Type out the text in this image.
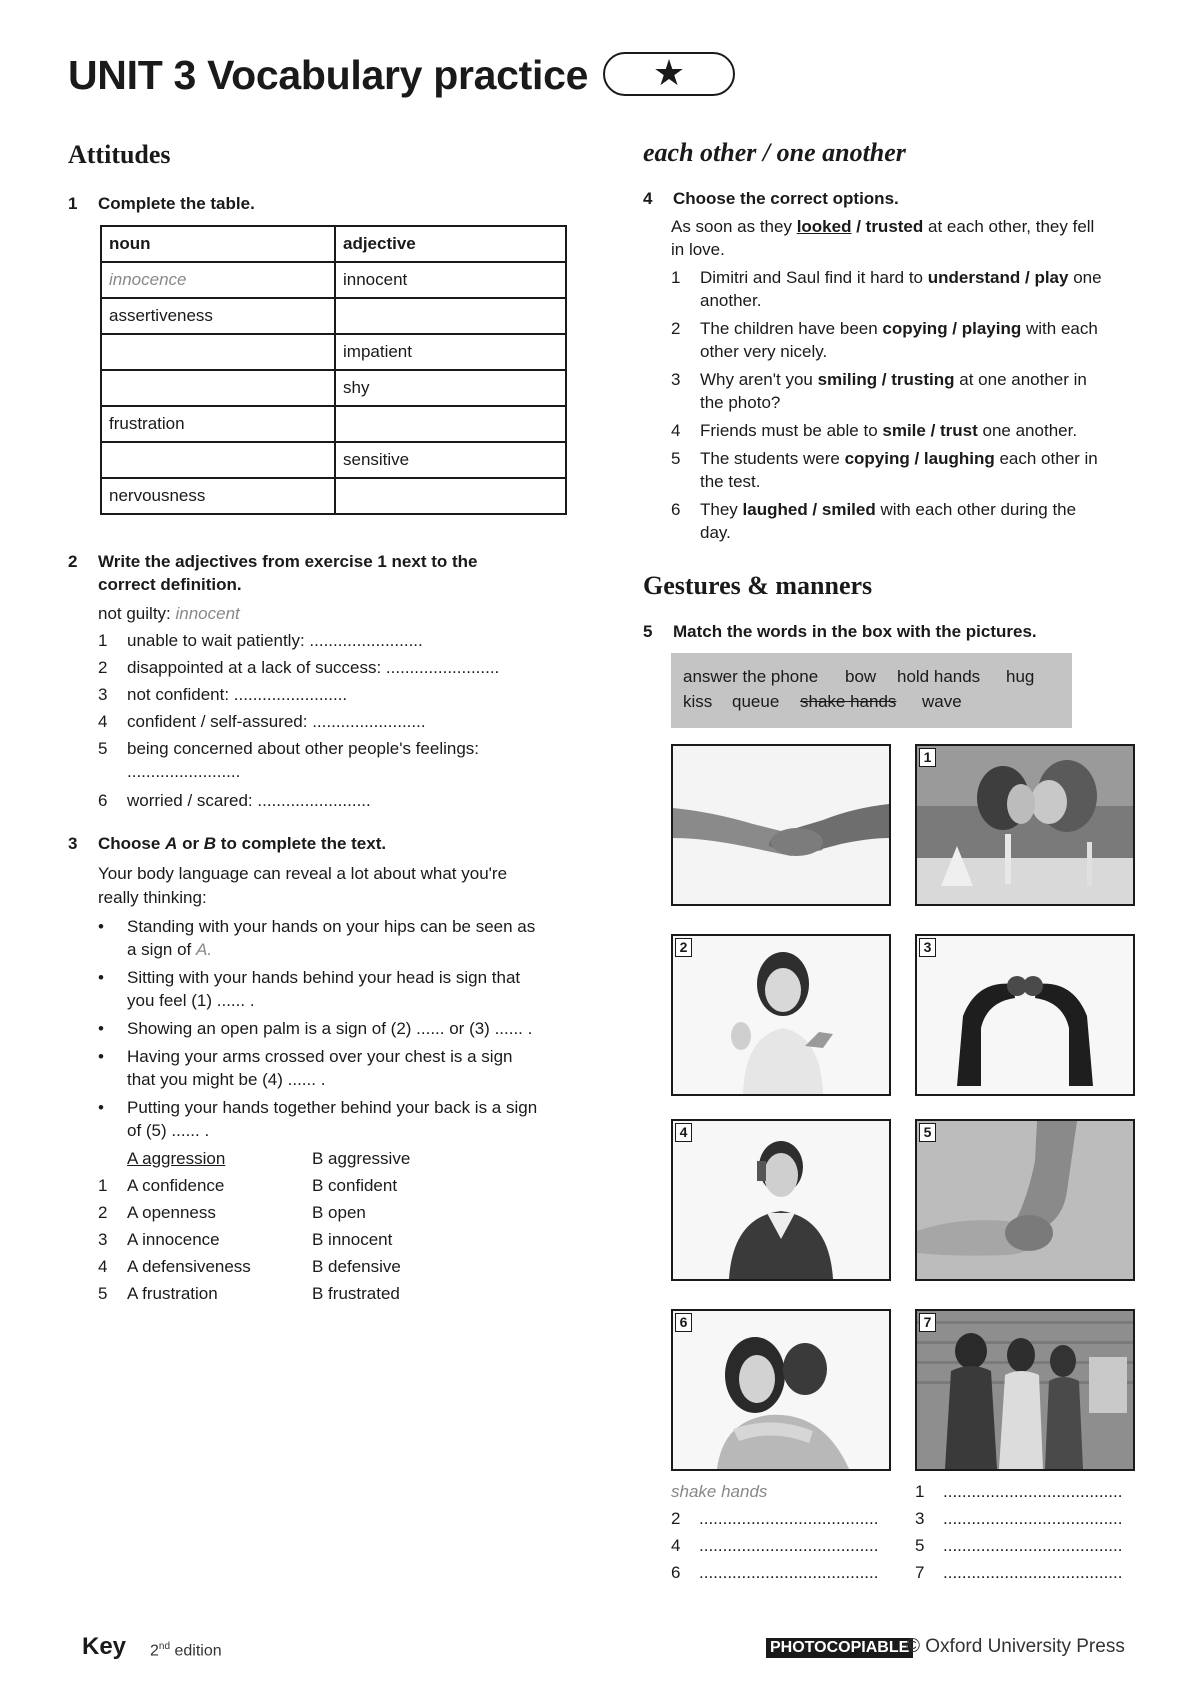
UNIT 3 Vocabulary practice	★
Attitudes
1 Complete the table.
noun	adjective
innocence	innocent
assertiveness	
	impatient
	shy
frustration	
	sensitive
nervousness	
2 Write the adjectives from exercise 1 next to the
correct definition.
not guilty: innocent
1 unable to wait patiently: ........................
2 disappointed at a lack of success: ........................
3 not confident: ........................
4 confident / self-assured: ........................
5 being concerned about other people's feelings:
........................
6 worried / scared: ........................
3 Choose A or B to complete the text.
Your body language can reveal a lot about what you're
really thinking:
• Standing with your hands on your hips can be seen as
a sign of A.
• Sitting with your hands behind your head is sign that
you feel (1) ...... .
• Showing an open palm is a sign of (2) ...... or (3) ...... .
• Having your arms crossed over your chest is a sign
that you might be (4) ...... .
• Putting your hands together behind your back is a sign
of (5) ...... .
A aggression	B aggressive
1 A confidence	B confident
2 A openness	B open
3 A innocence	B innocent
4 A defensiveness	B defensive
5 A frustration	B frustrated
each other / one another
4 Choose the correct options.
As soon as they looked / trusted at each other, they fell
in love.
1 Dimitri and Saul find it hard to understand / play one
another.
2 The children have been copying / playing with each
other very nicely.
3 Why aren't you smiling / trusting at one another in
the photo?
4 Friends must be able to smile / trust one another.
5 The students were copying / laughing each other in
the test.
6 They laughed / smiled with each other during the
day.
Gestures & manners
5 Match the words in the box with the pictures.
answer the phone bow hold hands hug
kiss queue shake hands wave
1
2	3
4	5
6	7
shake hands	1 ......................................
2 ...................................... 3 ......................................
4 ...................................... 5 ......................................
6 ...................................... 7 ......................................
Key 2nd edition	PHOTOCOPIABLE
© Oxford University Press
